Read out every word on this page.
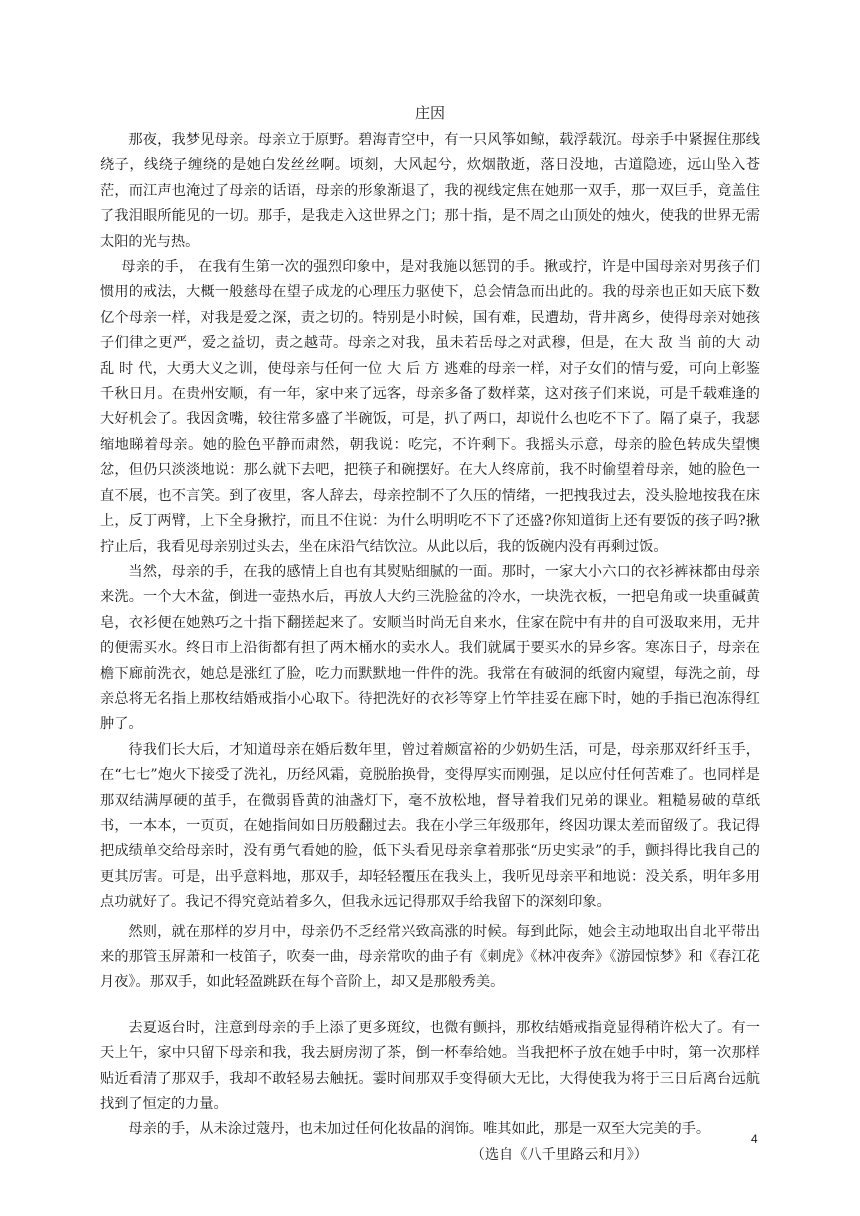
庄因

那夜，我梦见母亲。母亲立于原野。碧海青空中，有一只风筝如鲸，载浮载沉。母亲手中紧握住那线绕子，线绕子缠绕的是她白发丝丝啊。顷刻，大风起兮，炊烟散逝，落日没地，古道隐迹，远山坠入苍茫，而江声也淹过了母亲的话语，母亲的形象渐退了，我的视线定焦在她那一双手，那一双巨手，竟盖住了我泪眼所能见的一切。那手，是我走入这世界之门；那十指，是不周之山顶处的烛火，使我的世界无需太阳的光与热。

母亲的手， 在我有生第一次的强烈印象中，是对我施以惩罚的手。揪或拧，许是中国母亲对男孩子们惯用的戒法，大概一般慈母在望子成龙的心理压力驱使下，总会情急而出此的。我的母亲也正如天底下数亿个母亲一样，对我是爱之深，责之切的。特别是小时候，国有难，民遭劫，背井离乡，使得母亲对她孩子们律之更严，爱之益切，责之越苛。母亲之对我，虽未若岳母之对武穆，但是，在大 敌 当 前的大 动 乱 时 代，大勇大义之训，使母亲与任何一位 大 后 方 逃难的母亲一样，对子女们的情与爱，可向上彰鉴千秋日月。在贵州安顺，有一年，家中来了远客，母亲多备了数样菜，这对孩子们来说，可是千载难逢的大好机会了。我因贪嘴，较往常多盛了半碗饭，可是，扒了两口，却说什么也吃不下了。隔了桌子，我瑟缩地睇着母亲。她的脸色平静而肃然，朝我说：吃完，不许剩下。我摇头示意，母亲的脸色转成失望懊忿，但仍只淡淡地说：那么就下去吧，把筷子和碗摆好。在大人终席前，我不时偷望着母亲，她的脸色一直不展，也不言笑。到了夜里，客人辞去，母亲控制不了久压的情绪，一把拽我过去，没头脸地按我在床上，反丁两臂，上下全身揪拧，而且不住说：为什么明明吃不下了还盛?你知道街上还有要饭的孩子吗?揪拧止后，我看见母亲别过头去，坐在床沿气结饮泣。从此以后，我的饭碗内没有再剩过饭。

当然，母亲的手，在我的感情上自也有其熨贴细腻的一面。那时，一家大小六口的衣衫裤袜都由母亲来洗。一个大木盆，倒进一壶热水后，再放人大约三洗脸盆的冷水，一块洗衣板，一把皂角或一块重碱黄皂，衣衫便在她熟巧之十指下翻搓起来了。安顺当时尚无自来水，住家在院中有井的自可汲取来用，无井的便需买水。终日市上沿街都有担了两木桶水的卖水人。我们就属于要买水的异乡客。寒冻日子，母亲在檐下廊前洗衣，她总是涨红了脸，吃力而默默地一件件的洗。我常在有破洞的纸窗内窥望，每洗之前，母亲总将无名指上那枚结婚戒指小心取下。待把洗好的衣衫等穿上竹竿挂妥在廊下时，她的手指已泡冻得红肿了。

待我们长大后，才知道母亲在婚后数年里，曾过着颇富裕的少奶奶生活，可是，母亲那双纤纤玉手，在“七七”炮火下接受了洗礼，历经风霜，竟脱胎换骨，变得厚实而刚强，足以应付任何苦难了。也同样是那双结满厚硬的茧手，在微弱昏黄的油盏灯下，毫不放松地，督导着我们兄弟的课业。粗糙易破的草纸书，一本本，一页页，在她指间如日历般翻过去。我在小学三年级那年，终因功课太差而留级了。我记得把成绩单交给母亲时，没有勇气看她的脸，低下头看见母亲拿着那张“历史实录”的手，颤抖得比我自己的更其厉害。可是，出乎意料地，那双手，却轻轻覆压在我头上，我听见母亲平和地说：没关系，明年多用点功就好了。我记不得究竟站着多久，但我永远记得那双手给我留下的深刻印象。

然则，就在那样的岁月中，母亲仍不乏经常兴致高涨的时候。每到此际，她会主动地取出自北平带出来的那管玉屏萧和一枝笛子，吹奏一曲，母亲常吹的曲子有《刺虎》《林冲夜奔》《游园惊梦》和《春江花月夜》。那双手，如此轻盈跳跃在每个音阶上，却又是那般秀美。

去夏返台时，注意到母亲的手上添了更多斑纹，也微有颤抖，那枚结婚戒指竟显得稍许松大了。有一天上午，家中只留下母亲和我，我去厨房沏了茶，倒一杯奉给她。当我把杯子放在她手中时，第一次那样贴近看清了那双手，我却不敢轻易去触抚。霎时间那双手变得硕大无比，大得使我为将于三日后离台远航找到了恒定的力量。

母亲的手，从未涂过蔻丹，也未加过任何化妆晶的润饰。唯其如此，那是一双至大完美的手。

（选自《八千里路云和月》）

4
